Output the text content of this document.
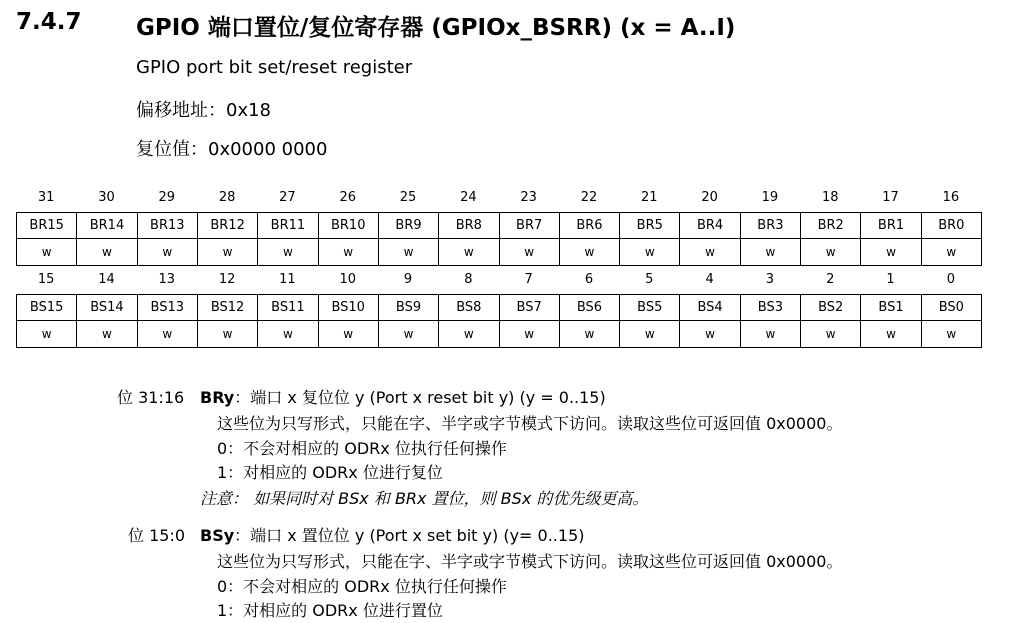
7.4.7 GPIO 端口置位/复位寄存器 (GPIOx_BSRR) (x = A..I)
GPIO port bit set/reset register
偏移地址：0x18
复位值：0x0000 0000
31	30	29	28	27	26	25	24	23	22	21	20	19	18	17	16
BR15	BR14	BR13	BR12	BR11	BR10	BR9	BR8	BR7	BR6	BR5	BR4	BR3	BR2	BR1	BR0
w	w	w	w	w	w	w	w	w	w	w	w	w	w	w	w
15	14	13	12	11	10	9	8	7	6	5	4	3	2	1	0
BS15	BS14	BS13	BS12	BS11	BS10	BS9	BS8	BS7	BS6	BS5	BS4	BS3	BS2	BS1	BS0
w	w	w	w	w	w	w	w	w	w	w	w	w	w	w	w
位 31:16 BRy：端口 x 复位位 y (Port x reset bit y) (y = 0..15)
这些位为只写形式，只能在字、半字或字节模式下访问。读取这些位可返回值 0x0000。
0：不会对相应的 ODRx 位执行任何操作
1：对相应的 ODRx 位进行复位
注意： 如果同时对 BSx 和 BRx 置位，则 BSx 的优先级更高。
位 15:0 BSy：端口 x 置位位 y (Port x set bit y) (y= 0..15)
这些位为只写形式，只能在字、半字或字节模式下访问。读取这些位可返回值 0x0000。
0：不会对相应的 ODRx 位执行任何操作
1：对相应的 ODRx 位进行置位
